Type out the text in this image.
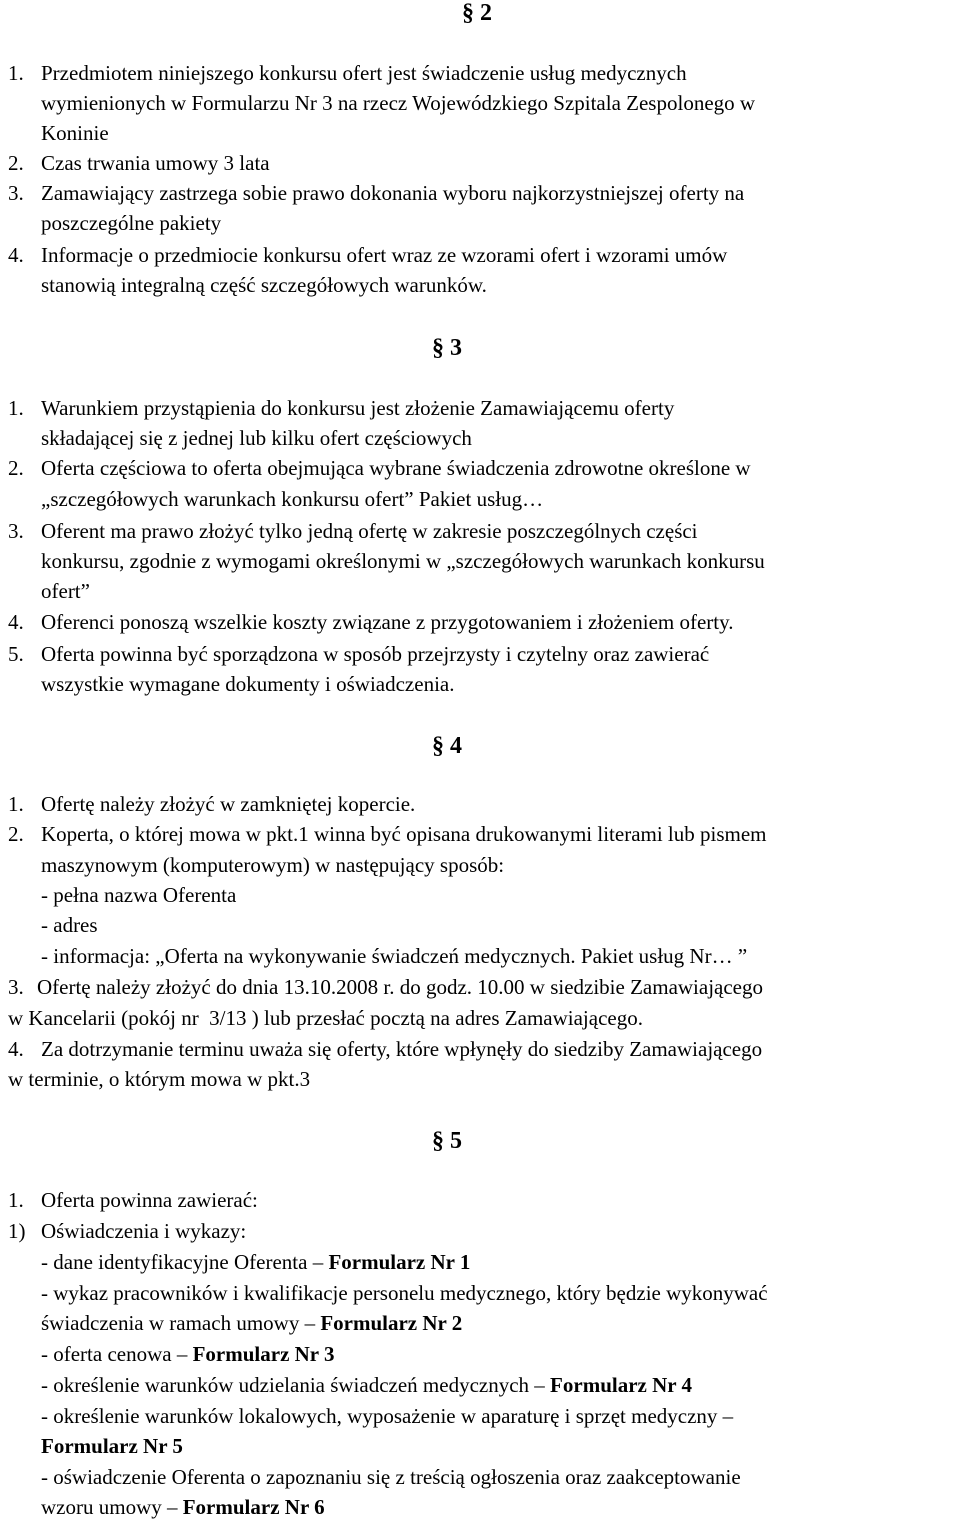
§ 2
1. Przedmiotem niniejszego konkursu ofert jest świadczenie usług medycznych
wymienionych w Formularzu Nr 3 na rzecz Wojewódzkiego Szpitala Zespolonego w
Koninie
2. Czas trwania umowy 3 lata
3. Zamawiający zastrzega sobie prawo dokonania wyboru najkorzystniejszej oferty na
poszczególne pakiety
4. Informacje o przedmiocie konkursu ofert wraz ze wzorami ofert i wzorami umów
stanowią integralną część szczegółowych warunków.
§ 3
1. Warunkiem przystąpienia do konkursu jest złożenie Zamawiającemu oferty
składającej się z jednej lub kilku ofert częściowych
2. Oferta częściowa to oferta obejmująca wybrane świadczenia zdrowotne określone w
„szczegółowych warunkach konkursu ofert” Pakiet usług…
3. Oferent ma prawo złożyć tylko jedną ofertę w zakresie poszczególnych części
konkursu, zgodnie z wymogami określonymi w „szczegółowych warunkach konkursu
ofert”
4. Oferenci ponoszą wszelkie koszty związane z przygotowaniem i złożeniem oferty.
5. Oferta powinna być sporządzona w sposób przejrzysty i czytelny oraz zawierać
wszystkie wymagane dokumenty i oświadczenia.
§ 4
1. Ofertę należy złożyć w zamkniętej kopercie.
2. Koperta, o której mowa w pkt.1 winna być opisana drukowanymi literami lub pismem
maszynowym (komputerowym) w następujący sposób:
- pełna nazwa Oferenta
- adres
- informacja: „Oferta na wykonywanie świadczeń medycznych. Pakiet usług Nr… ”
3. Ofertę należy złożyć do dnia 13.10.2008 r. do godz. 10.00 w siedzibie Zamawiającego
w Kancelarii (pokój nr  3/13 ) lub przesłać pocztą na adres Zamawiającego.
4. Za dotrzymanie terminu uważa się oferty, które wpłynęły do siedziby Zamawiającego
w terminie, o którym mowa w pkt.3
§ 5
1. Oferta powinna zawierać:
1) Oświadczenia i wykazy:
- dane identyfikacyjne Oferenta – Formularz Nr 1
- wykaz pracowników i kwalifikacje personelu medycznego, który będzie wykonywać
świadczenia w ramach umowy – Formularz Nr 2
- oferta cenowa – Formularz Nr 3
- określenie warunków udzielania świadczeń medycznych – Formularz Nr 4
- określenie warunków lokalowych, wyposażenie w aparaturę i sprzęt medyczny –
Formularz Nr 5
- oświadczenie Oferenta o zapoznaniu się z treścią ogłoszenia oraz zaakceptowanie
wzoru umowy – Formularz Nr 6
